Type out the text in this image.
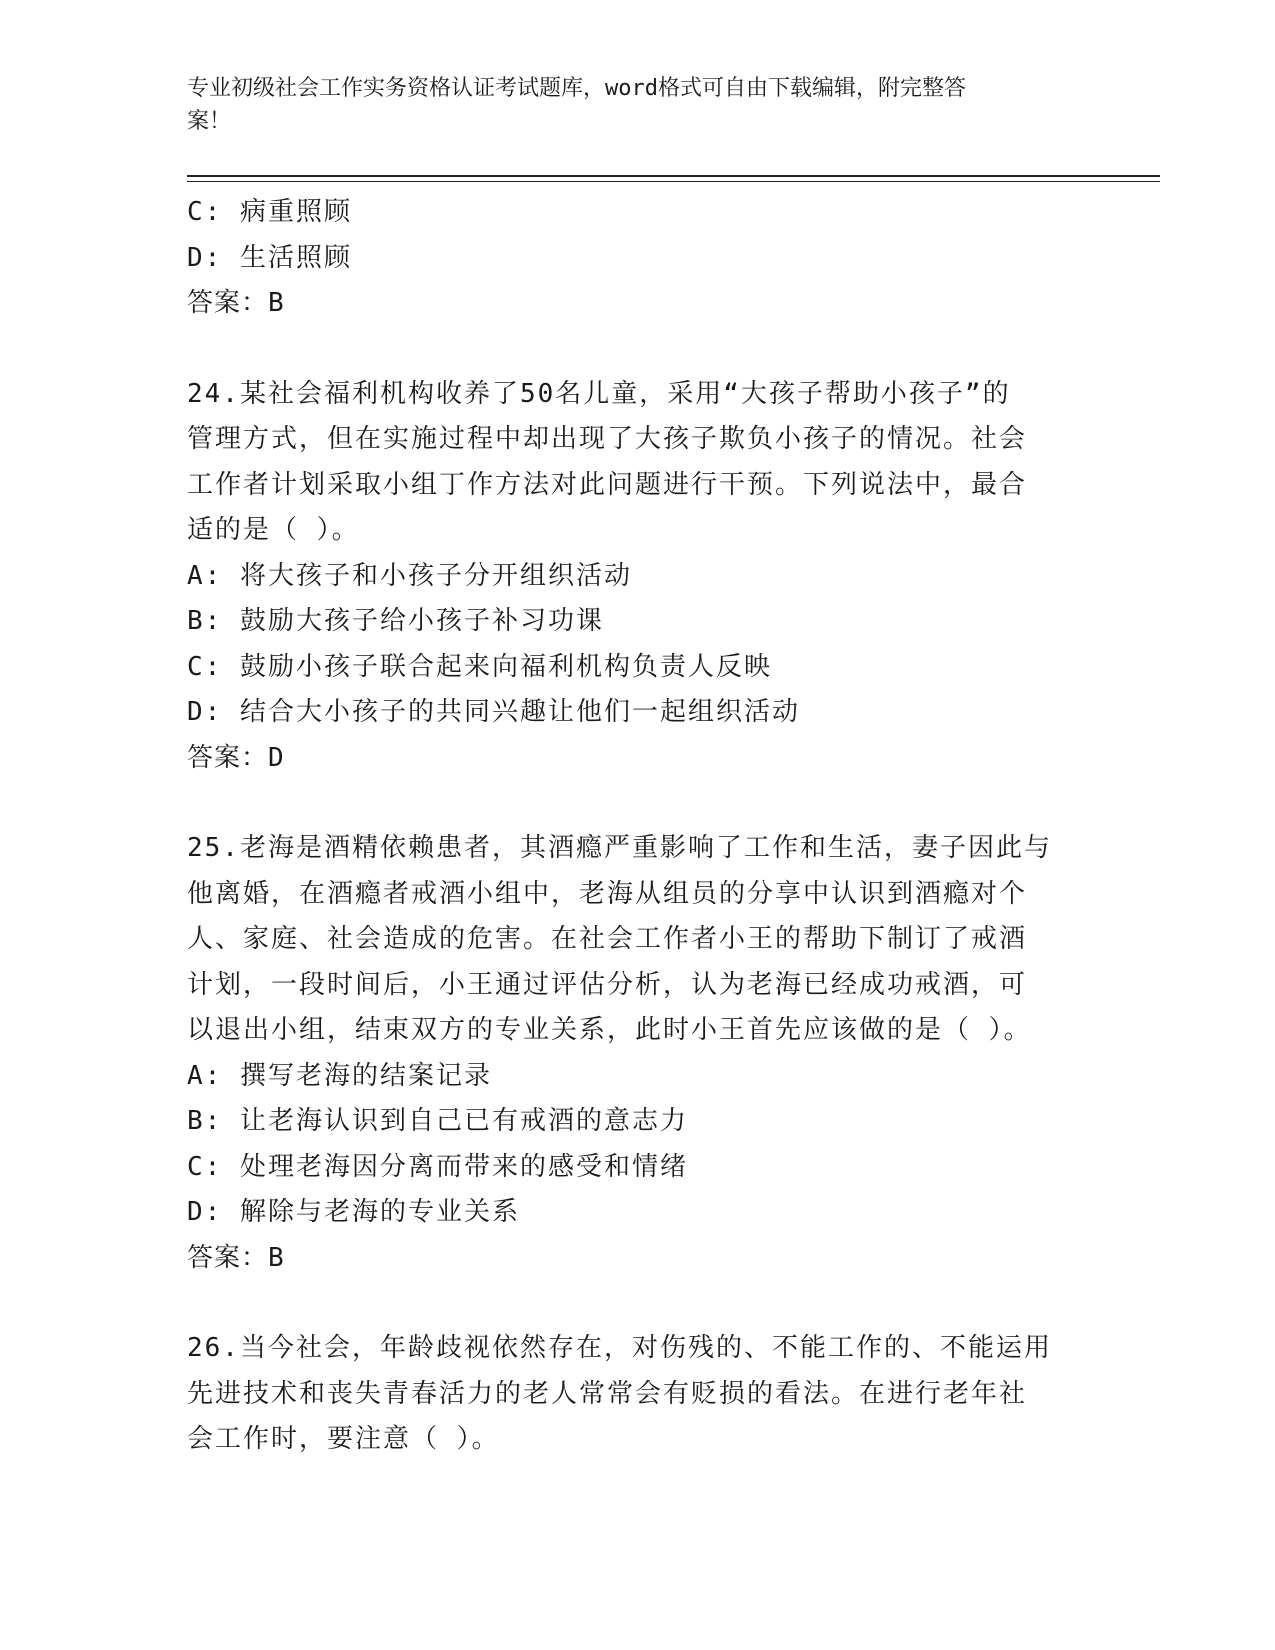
专业初级社会工作实务资格认证考试题库，word格式可自由下载编辑，附完整答
案！
C: 病重照顾
D: 生活照顾
答案：B
24.某社会福利机构收养了50名儿童，采用“大孩子帮助小孩子”的
管理方式，但在实施过程中却出现了大孩子欺负小孩子的情况。社会
工作者计划采取小组丁作方法对此问题进行干预。下列说法中，最合
适的是（ ）。
A: 将大孩子和小孩子分开组织活动
B: 鼓励大孩子给小孩子补习功课
C: 鼓励小孩子联合起来向福利机构负责人反映
D: 结合大小孩子的共同兴趣让他们一起组织活动
答案：D
25.老海是酒精依赖患者，其酒瘾严重影响了工作和生活，妻子因此与
他离婚，在酒瘾者戒酒小组中，老海从组员的分享中认识到酒瘾对个
人、家庭、社会造成的危害。在社会工作者小王的帮助下制订了戒酒
计划，一段时间后，小王通过评估分析，认为老海已经成功戒酒，可
以退出小组，结束双方的专业关系，此时小王首先应该做的是（ ）。
A: 撰写老海的结案记录
B: 让老海认识到自己已有戒酒的意志力
C: 处理老海因分离而带来的感受和情绪
D: 解除与老海的专业关系
答案：B
26.当今社会，年龄歧视依然存在，对伤残的、不能工作的、不能运用
先进技术和丧失青春活力的老人常常会有贬损的看法。在进行老年社
会工作时，要注意（ ）。
